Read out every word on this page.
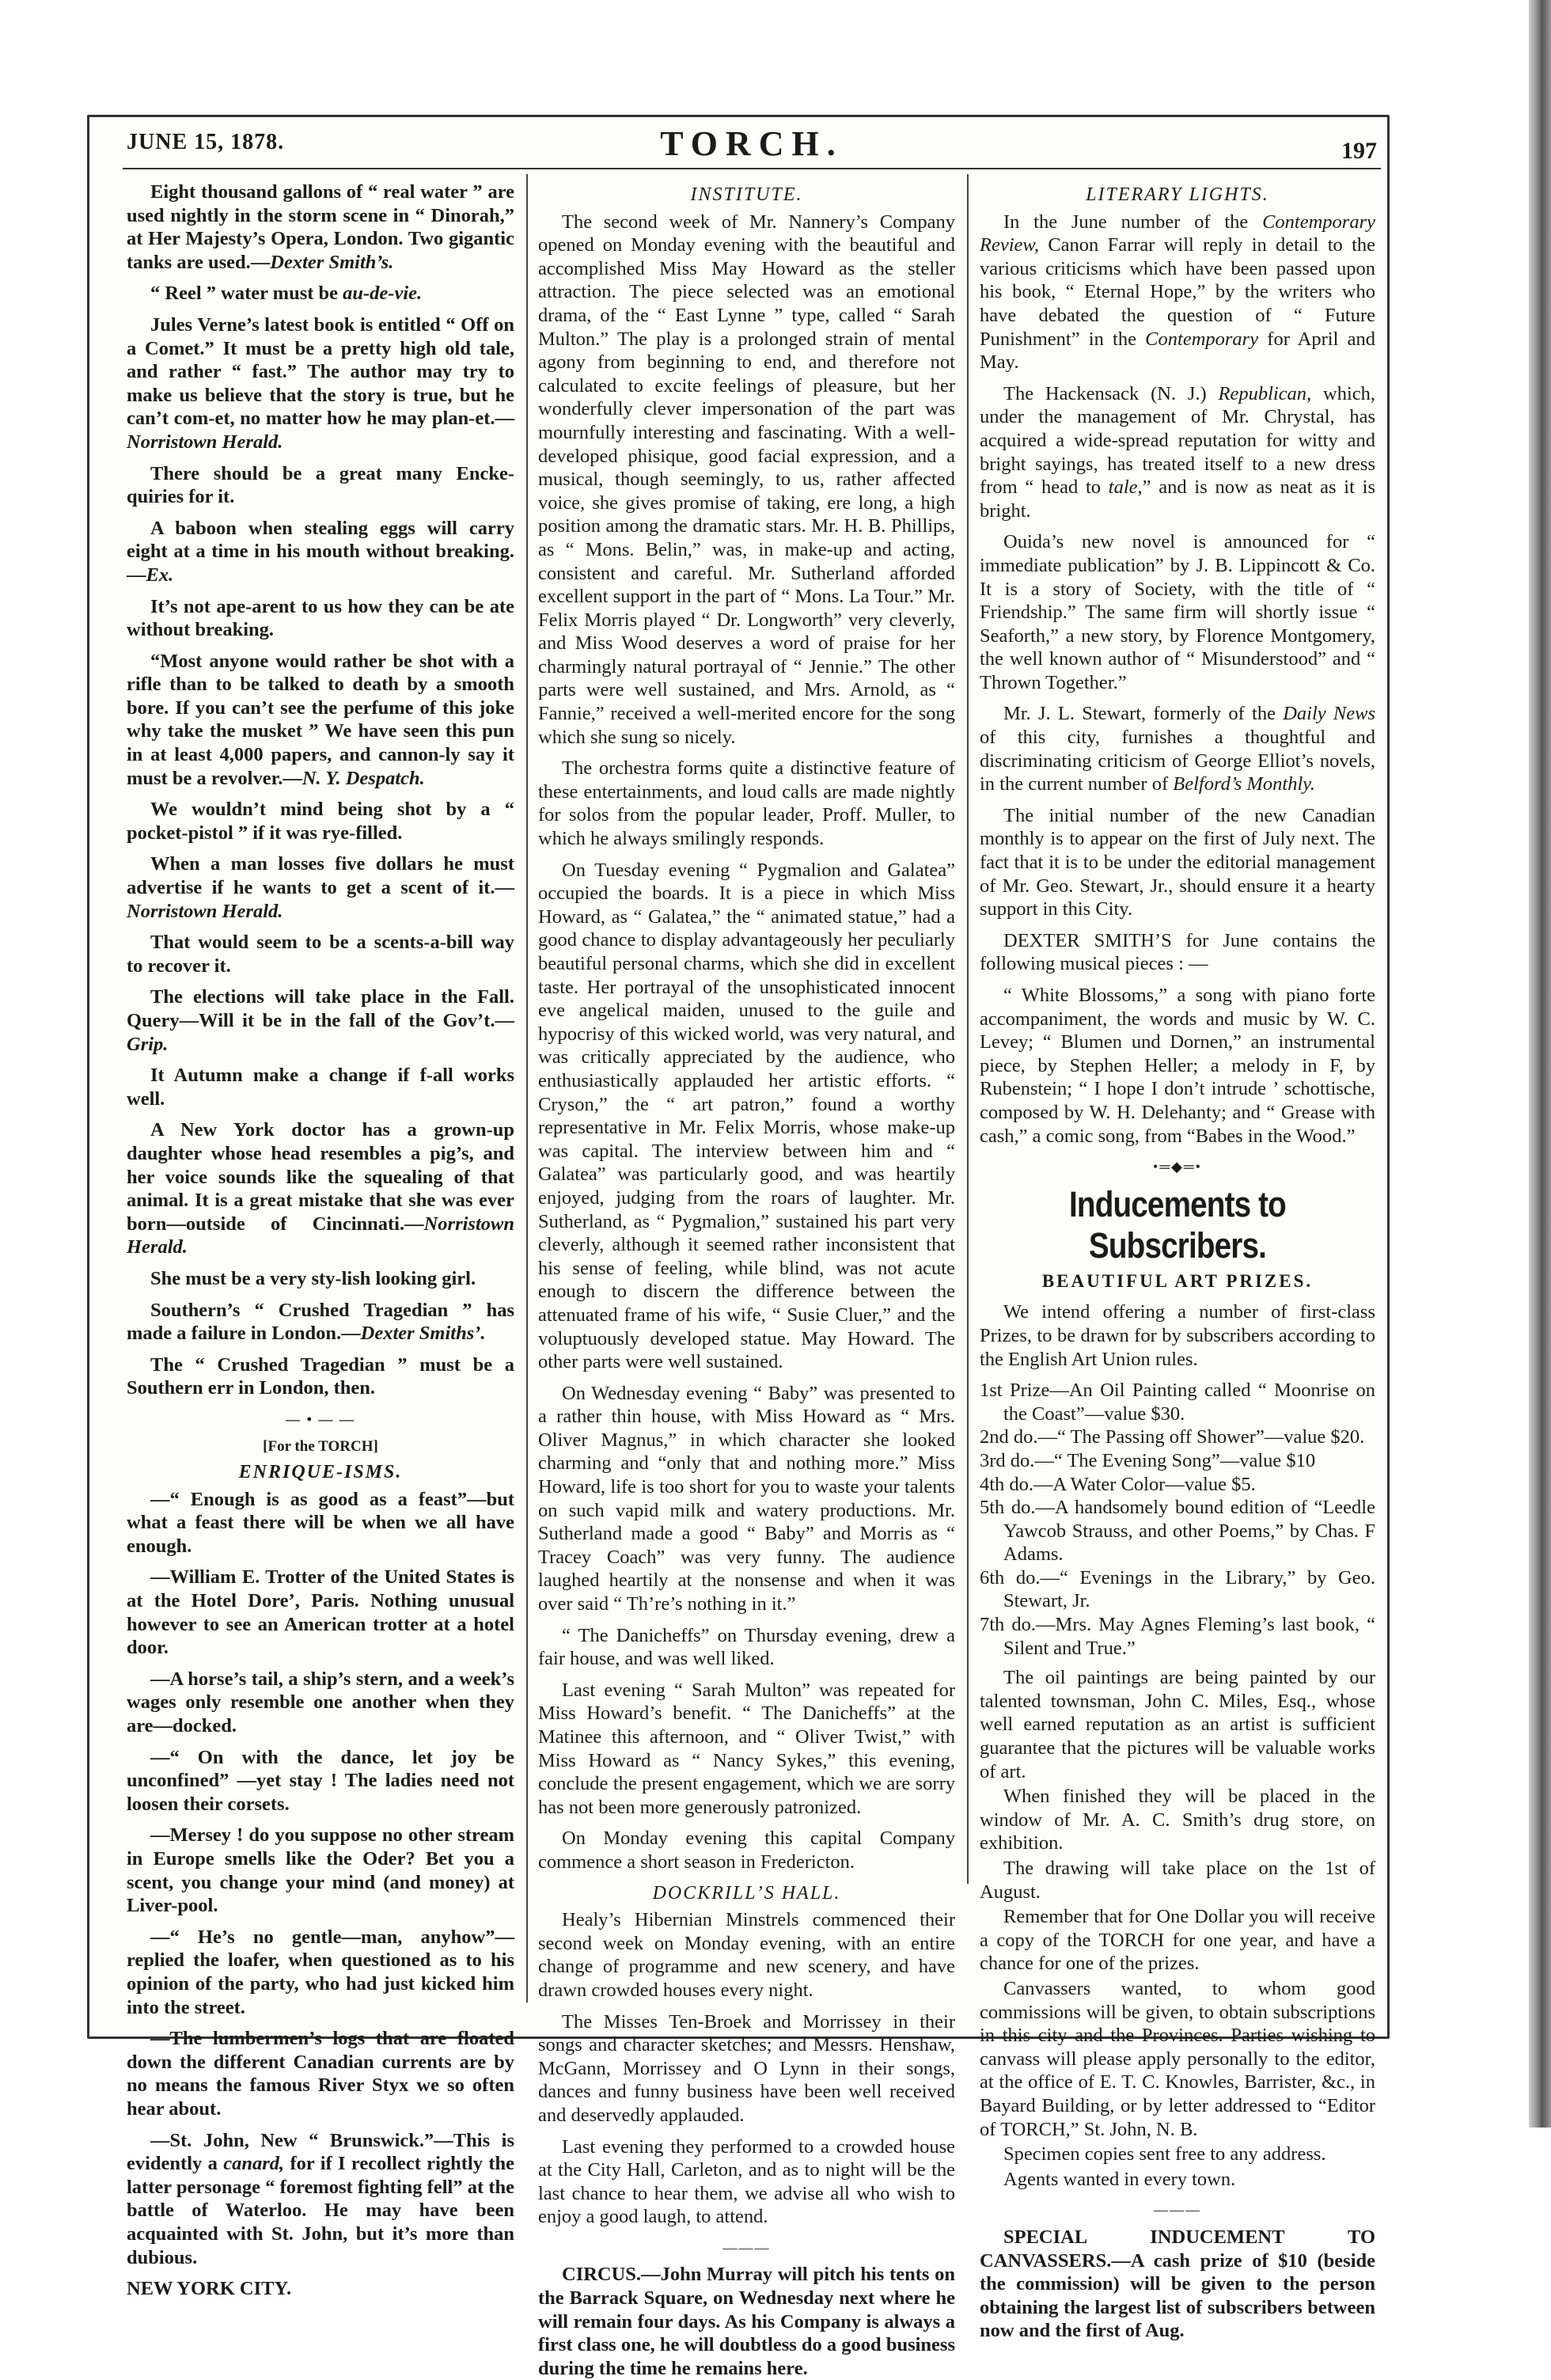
JUNE 15, 1878.	TORCH.	197

Eight thousand gallons of “ real water ” are used nightly in the storm scene in “ Dinorah,” at Her Majesty’s Opera, London. Two gigantic tanks are used.—Dexter Smith’s.

“ Reel ” water must be au-de-vie.

Jules Verne’s latest book is entitled “ Off on a Comet.” It must be a pretty high old tale, and rather “ fast.” The author may try to make us believe that the story is true, but he can’t com-et, no matter how he may plan-et.—Norristown Herald.

There should be a great many Encke-quiries for it.

A baboon when stealing eggs will carry eight at a time in his mouth without breaking.—Ex.

It’s not ape-arent to us how they can be ate without breaking.

“Most anyone would rather be shot with a rifle than to be talked to death by a smooth bore. If you can’t see the perfume of this joke why take the musket ” We have seen this pun in at least 4,000 papers, and cannon-ly say it must be a revolver.—N. Y. Despatch.

We wouldn’t mind being shot by a “ pocket-pistol ” if it was rye-filled.

When a man losses five dollars he must advertise if he wants to get a scent of it.—Norristown Herald.

That would seem to be a scents-a-bill way to recover it.

The elections will take place in the Fall. Query—Will it be in the fall of the Gov’t.—Grip.

It Autumn make a change if f-all works well.

A New York doctor has a grown-up daughter whose head resembles a pig’s, and her voice sounds like the squealing of that animal. It is a great mistake that she was ever born—outside of Cincinnati.—Norristown Herald.

She must be a very sty-lish looking girl.

Southern’s “ Crushed Tragedian ” has made a failure in London.—Dexter Smiths’.

The “ Crushed Tragedian ” must be a Southern err in London, then.

— • — —

[For the TORCH]

ENRIQUE-ISMS.

—“ Enough is as good as a feast”—but what a feast there will be when we all have enough.

—William E. Trotter of the United States is at the Hotel Dore’, Paris. Nothing unusual however to see an American trotter at a hotel door.

—A horse’s tail, a ship’s stern, and a week’s wages only resemble one another when they are—docked.

—“ On with the dance, let joy be unconfined” —yet stay ! The ladies need not loosen their corsets.

—Mersey ! do you suppose no other stream in Europe smells like the Oder? Bet you a scent, you change your mind (and money) at Liver-pool.

—“ He’s no gentle—man, anyhow”—replied the loafer, when questioned as to his opinion of the party, who had just kicked him into the street.

—The lumbermen’s logs that are floated down the different Canadian currents are by no means the famous River Styx we so often hear about.

—St. John, New “ Brunswick.”—This is evidently a canard, for if I recollect rightly the latter personage “ foremost fighting fell” at the battle of Waterloo. He may have been acquainted with St. John, but it’s more than dubious.

NEW YORK CITY.

INSTITUTE.

The second week of Mr. Nannery’s Company opened on Monday evening with the beautiful and accomplished Miss May Howard as the steller attraction. The piece selected was an emotional drama, of the “ East Lynne ” type, called “ Sarah Multon.” The play is a prolonged strain of mental agony from beginning to end, and therefore not calculated to excite feelings of pleasure, but her wonderfully clever impersonation of the part was mournfully interesting and fascinating. With a well-developed phisique, good facial expression, and a musical, though seemingly, to us, rather affected voice, she gives promise of taking, ere long, a high position among the dramatic stars. Mr. H. B. Phillips, as “ Mons. Belin,” was, in make-up and acting, consistent and careful. Mr. Sutherland afforded excellent support in the part of “ Mons. La Tour.” Mr. Felix Morris played “ Dr. Longworth” very cleverly, and Miss Wood deserves a word of praise for her charmingly natural portrayal of “ Jennie.” The other parts were well sustained, and Mrs. Arnold, as “ Fannie,” received a well-merited encore for the song which she sung so nicely.

The orchestra forms quite a distinctive feature of these entertainments, and loud calls are made nightly for solos from the popular leader, Proff. Muller, to which he always smilingly responds.

On Tuesday evening “ Pygmalion and Galatea” occupied the boards. It is a piece in which Miss Howard, as “ Galatea,” the “ animated statue,” had a good chance to display advantageously her peculiarly beautiful personal charms, which she did in excellent taste. Her portrayal of the unsophisticated innocent eve angelical maiden, unused to the guile and hypocrisy of this wicked world, was very natural, and was critically appreciated by the audience, who enthusiastically applauded her artistic efforts. “ Cryson,” the “ art patron,” found a worthy representative in Mr. Felix Morris, whose make-up was capital. The interview between him and “ Galatea” was particularly good, and was heartily enjoyed, judging from the roars of laughter. Mr. Sutherland, as “ Pygmalion,” sustained his part very cleverly, although it seemed rather inconsistent that his sense of feeling, while blind, was not acute enough to discern the difference between the attenuated frame of his wife, “ Susie Cluer,” and the voluptuously developed statue. May Howard. The other parts were well sustained.

On Wednesday evening “ Baby” was presented to a rather thin house, with Miss Howard as “ Mrs. Oliver Magnus,” in which character she looked charming and “only that and nothing more.” Miss Howard, life is too short for you to waste your talents on such vapid milk and watery productions. Mr. Sutherland made a good “ Baby” and Morris as “ Tracey Coach” was very funny. The audience laughed heartily at the nonsense and when it was over said “ Th’re’s nothing in it.”

“ The Danicheffs” on Thursday evening, drew a fair house, and was well liked.

Last evening “ Sarah Multon” was repeated for Miss Howard’s benefit. “ The Danicheffs” at the Matinee this afternoon, and “ Oliver Twist,” with Miss Howard as “ Nancy Sykes,” this evening, conclude the present engagement, which we are sorry has not been more generously patronized.

On Monday evening this capital Company commence a short season in Fredericton.

DOCKRILL’S HALL.

Healy’s Hibernian Minstrels commenced their second week on Monday evening, with an entire change of programme and new scenery, and have drawn crowded houses every night.

The Misses Ten-Broek and Morrissey in their songs and character sketches; and Messrs. Henshaw, McGann, Morrissey and O Lynn in their songs, dances and funny business have been well received and deservedly applauded.

Last evening they performed to a crowded house at the City Hall, Carleton, and as to night will be the last chance to hear them, we advise all who wish to enjoy a good laugh, to attend.

———

CIRCUS.—John Murray will pitch his tents on the Barrack Square, on Wednesday next where he will remain four days. As his Company is always a first class one, he will doubtless do a good business during the time he remains here.

LITERARY LIGHTS.

In the June number of the Contemporary Review, Canon Farrar will reply in detail to the various criticisms which have been passed upon his book, “ Eternal Hope,” by the writers who have debated the question of “ Future Punishment” in the Contemporary for April and May.

The Hackensack (N. J.) Republican, which, under the management of Mr. Chrystal, has acquired a wide-spread reputation for witty and bright sayings, has treated itself to a new dress from “ head to tale,” and is now as neat as it is bright.

Ouida’s new novel is announced for “ immediate publication” by J. B. Lippincott & Co. It is a story of Society, with the title of “ Friendship.” The same firm will shortly issue “ Seaforth,” a new story, by Florence Montgomery, the well known author of “ Misunderstood” and “ Thrown Together.”

Mr. J. L. Stewart, formerly of the Daily News of this city, furnishes a thoughtful and discriminating criticism of George Elliot’s novels, in the current number of Belford’s Monthly.

The initial number of the new Canadian monthly is to appear on the first of July next. The fact that it is to be under the editorial management of Mr. Geo. Stewart, Jr., should ensure it a hearty support in this City.

DEXTER SMITH’S for June contains the following musical pieces : —

“ White Blossoms,” a song with piano forte accompaniment, the words and music by W. C. Levey; “ Blumen und Dornen,” an instrumental piece, by Stephen Heller; a melody in F, by Rubenstein; “ I hope I don’t intrude ’ schottische, composed by W. H. Delehanty; and “ Grease with cash,” a comic song, from “Babes in the Wood.”

•═◆═•
Inducements to Subscribers.
BEAUTIFUL ART PRIZES.

We intend offering a number of first-class Prizes, to be drawn for by subscribers according to the English Art Union rules.

1st Prize—An Oil Painting called “ Moonrise on the Coast”—value $30.

2nd do.—“ The Passing off Shower”—value $20.

3rd do.—“ The Evening Song”—value $10

4th do.—A Water Color—value $5.

5th do.—A handsomely bound edition of “Leedle Yawcob Strauss, and other Poems,” by Chas. F Adams.

6th do.—“ Evenings in the Library,” by Geo. Stewart, Jr.

7th do.—Mrs. May Agnes Fleming’s last book, “ Silent and True.”

The oil paintings are being painted by our talented townsman, John C. Miles, Esq., whose well earned reputation as an artist is sufficient guarantee that the pictures will be valuable works of art.

When finished they will be placed in the window of Mr. A. C. Smith’s drug store, on exhibition.

The drawing will take place on the 1st of August.

Remember that for One Dollar you will receive a copy of the TORCH for one year, and have a chance for one of the prizes.

Canvassers wanted, to whom good commissions will be given, to obtain subscriptions in this city and the Provinces. Parties wishing to canvass will please apply personally to the editor, at the office of E. T. C. Knowles, Barrister, &c., in Bayard Building, or by letter addressed to “Editor of TORCH,” St. John, N. B.

Specimen copies sent free to any address.

Agents wanted in every town.

———

SPECIAL INDUCEMENT TO CANVASSERS.—A cash prize of $10 (beside the commission) will be given to the person obtaining the largest list of subscribers between now and the first of Aug.
